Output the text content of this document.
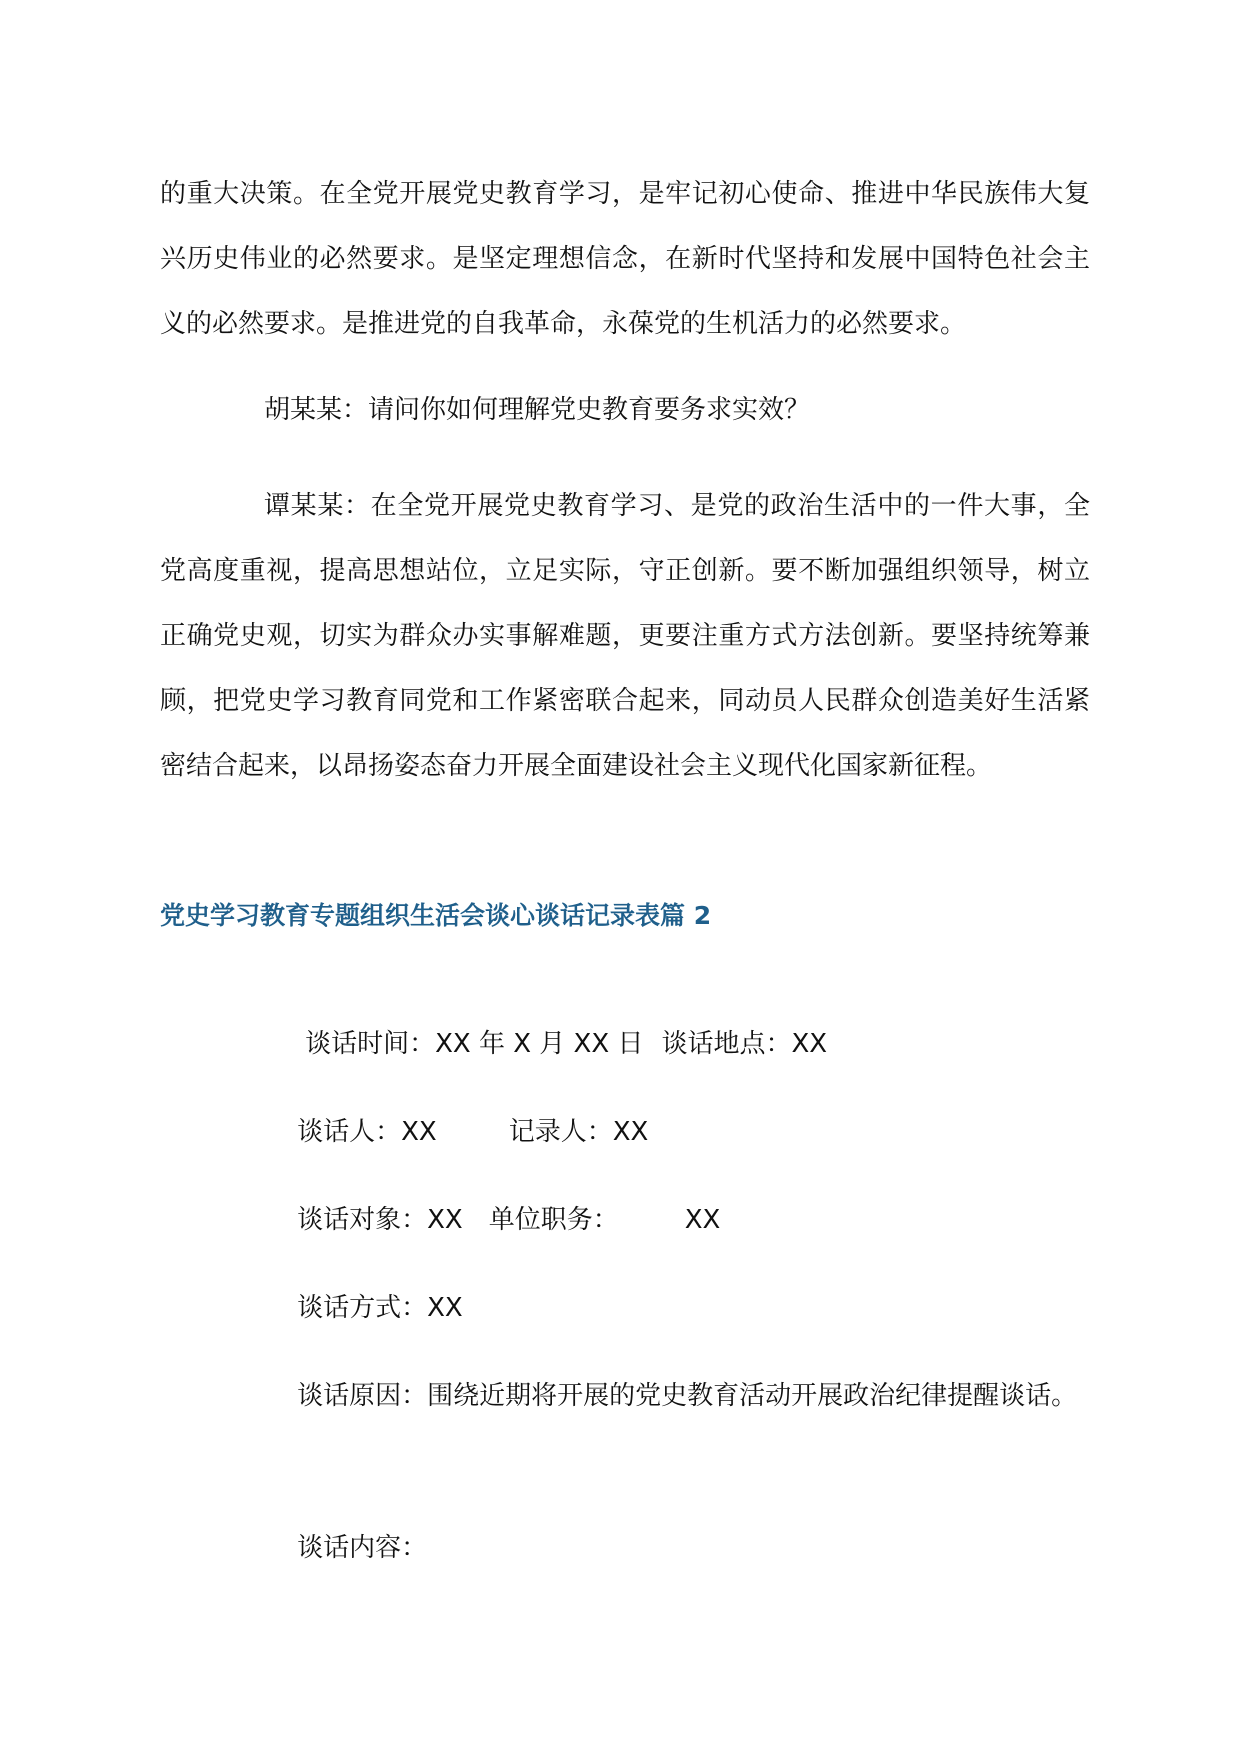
的重大决策。在全党开展党史教育学习，是牢记初心使命、推进中华民族伟大复兴历史伟业的必然要求。是坚定理想信念，在新时代坚持和发展中国特色社会主义的必然要求。是推进党的自我革命，永葆党的生机活力的必然要求。

胡某某：请问你如何理解党史教育要务求实效？

谭某某：在全党开展党史教育学习、是党的政治生活中的一件大事，全党高度重视，提高思想站位，立足实际，守正创新。要不断加强组织领导，树立正确党史观，切实为群众办实事解难题，更要注重方式方法创新。要坚持统筹兼顾，把党史学习教育同党和工作紧密联合起来，同动员人民群众创造美好生活紧密结合起来，以昂扬姿态奋力开展全面建设社会主义现代化国家新征程。

党史学习教育专题组织生活会谈心谈话记录表篇 2

谈话时间：XX 年 X 月 XX 日 谈话地点：XX

谈话人：XX	记录人：XX

谈话对象：XX 单位职务：	XX

谈话方式：XX

谈话原因：围绕近期将开展的党史教育活动开展政治纪律提醒谈话。

谈话内容：
